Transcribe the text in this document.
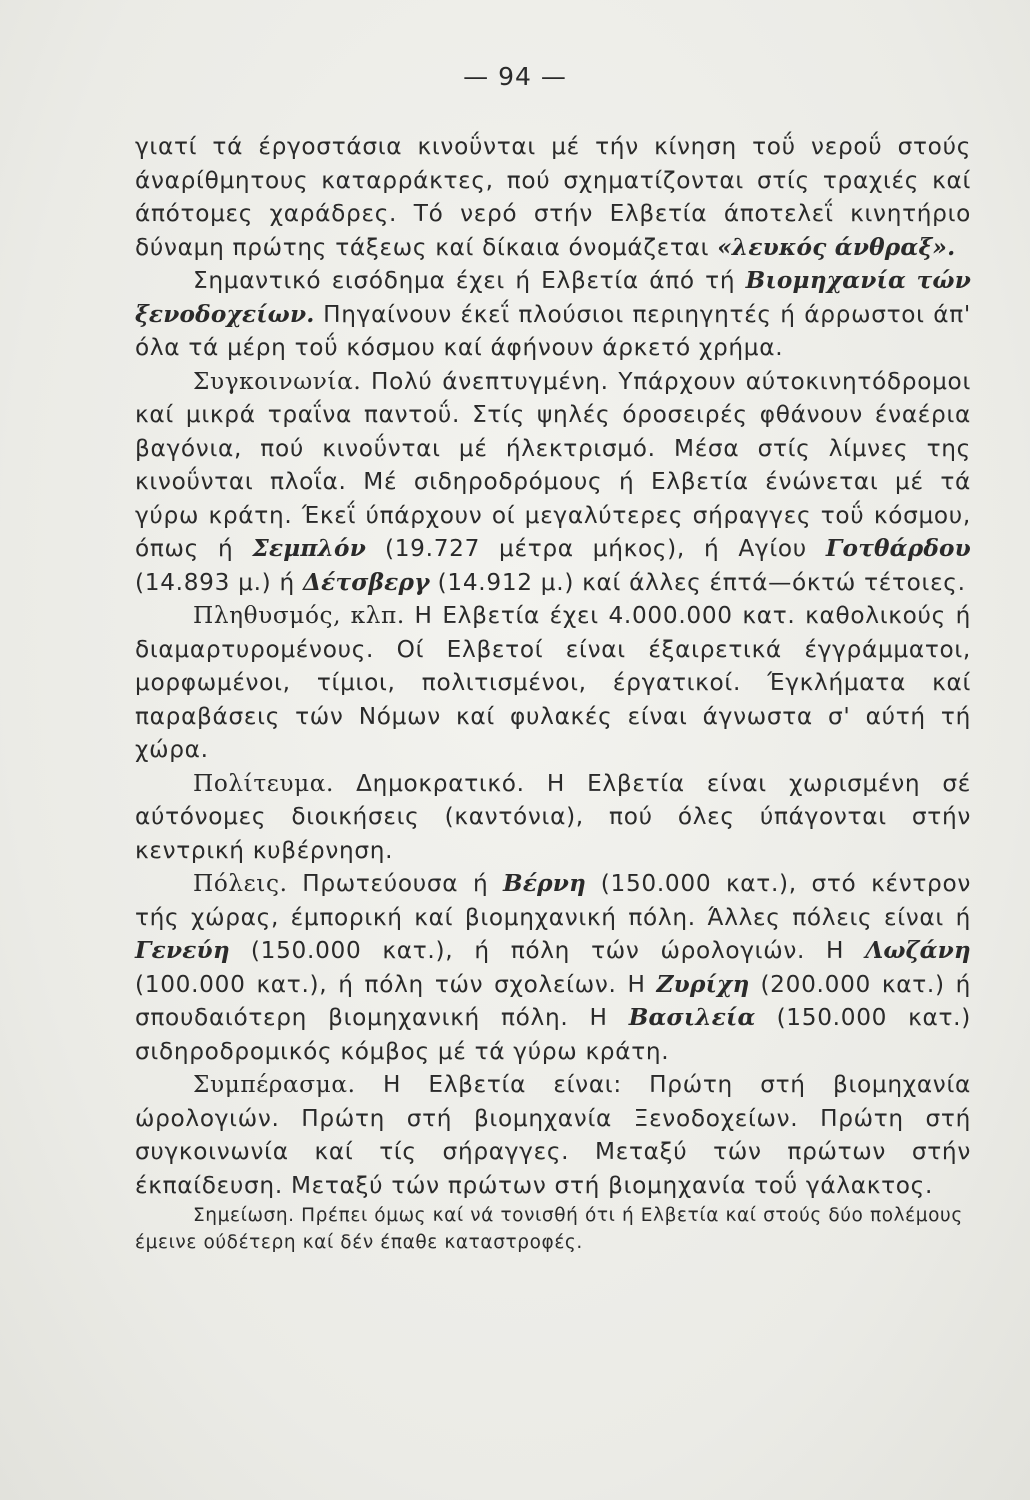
— 94 —

γιατί τά έργοστάσια κινοΰνται μέ τήν κίνηση τοΰ νεροΰ στούς άναρίθμητους καταρράκτες, πού σχηματίζονται στίς τραχιές καί άπότομες χαράδρες. Τό νερό στήν Ελβετία άποτελεΐ κινητήριο δύναμη πρώτης τάξεως καί δίκαια όνομάζεται «λευκός άνθραξ».

Σημαντικό εισόδημα έχει ή Ελβετία άπό τή Βιομηχανία τών ξενοδοχείων. Πηγαίνουν έκεΐ πλούσιοι περιηγητές ή άρρωστοι άπ' όλα τά μέρη τοΰ κόσμου καί άφήνουν άρκετό χρήμα.

Συγκοινωνία. Πολύ άνεπτυγμένη. Υπάρχουν αύτοκινητόδρομοι καί μικρά τραΐνα παντοΰ. Στίς ψηλές όροσειρές φθάνουν έναέρια βαγόνια, πού κινοΰνται μέ ήλεκτρισμό. Μέσα στίς λίμνες της κινοΰνται πλοΐα. Μέ σιδηροδρόμους ή Ελβετία ένώνεται μέ τά γύρω κράτη. Έκεΐ ύπάρχουν οί μεγαλύτερες σήραγγες τοΰ κόσμου, όπως ή Σεμπλόν (19.727 μέτρα μήκος), ή Αγίου Γοτθάρδου (14.893 μ.) ή Δέτσβεργ (14.912 μ.) καί άλλες έπτά—όκτώ τέτοιες.

Πληθυσμός, κλπ. Η Ελβετία έχει 4.000.000 κατ. καθολικούς ή διαμαρτυρομένους. Οί Ελβετοί είναι έξαιρετικά έγγράμματοι, μορφωμένοι, τίμιοι, πολιτισμένοι, έργατικοί. Έγκλήματα καί παραβάσεις τών Νόμων καί φυλακές είναι άγνωστα σ' αύτή τή χώρα.

Πολίτευμα. Δημοκρατικό. Η Ελβετία είναι χωρισμένη σέ αύτόνομες διοικήσεις (καντόνια), πού όλες ύπάγονται στήν κεντρική κυβέρνηση.

Πόλεις. Πρωτεύουσα ή Βέρνη (150.000 κατ.), στό κέντρον τής χώρας, έμπορική καί βιομηχανική πόλη. Άλλες πόλεις είναι ή Γενεύη (150.000 κατ.), ή πόλη τών ώρολογιών. Η Λωζάνη (100.000 κατ.), ή πόλη τών σχολείων. Η Ζυρίχη (200.000 κατ.) ή σπουδαιότερη βιομηχανική πόλη. Η Βασιλεία (150.000 κατ.) σιδηροδρομικός κόμβος μέ τά γύρω κράτη.

Συμπέρασμα. Η Ελβετία είναι: Πρώτη στή βιομηχανία ώρολογιών. Πρώτη στή βιομηχανία Ξενοδοχείων. Πρώτη στή συγκοινωνία καί τίς σήραγγες. Μεταξύ τών πρώτων στήν έκπαίδευση. Μεταξύ τών πρώτων στή βιομηχανία τοΰ γάλακτος.

Σημείωση. Πρέπει όμως καί νά τονισθή ότι ή Ελβετία καί στούς δύο πολέμους έμεινε ούδέτερη καί δέν έπαθε καταστροφές.
